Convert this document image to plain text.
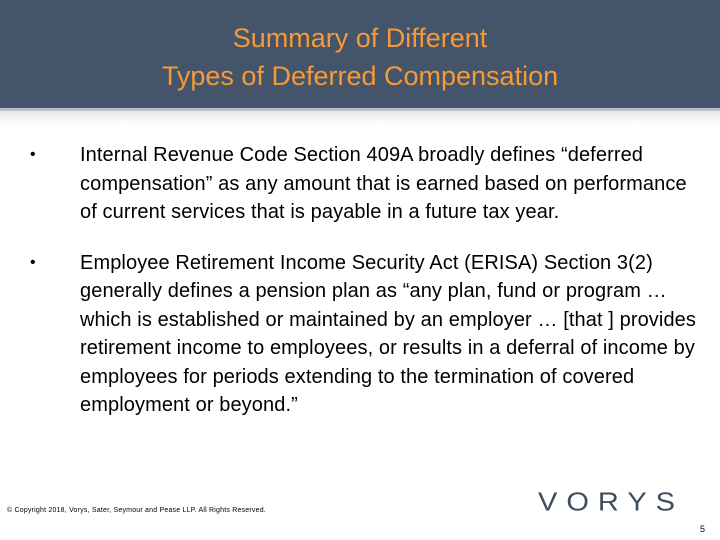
Summary of Different
Types of Deferred Compensation
• Internal Revenue Code Section 409A broadly defines “deferred compensation” as any amount that is earned based on performance of current services that is payable in a future tax year.
• Employee Retirement Income Security Act (ERISA) Section 3(2) generally defines a pension plan as “any plan, fund or program … which is established or maintained by an employer … [that ] provides retirement income to employees, or results in a deferral of income by employees for periods extending to the termination of covered employment or beyond.”
© Copyright 2018, Vorys, Sater, Seymour and Pease LLP. All Rights Reserved.	VORYS
5
